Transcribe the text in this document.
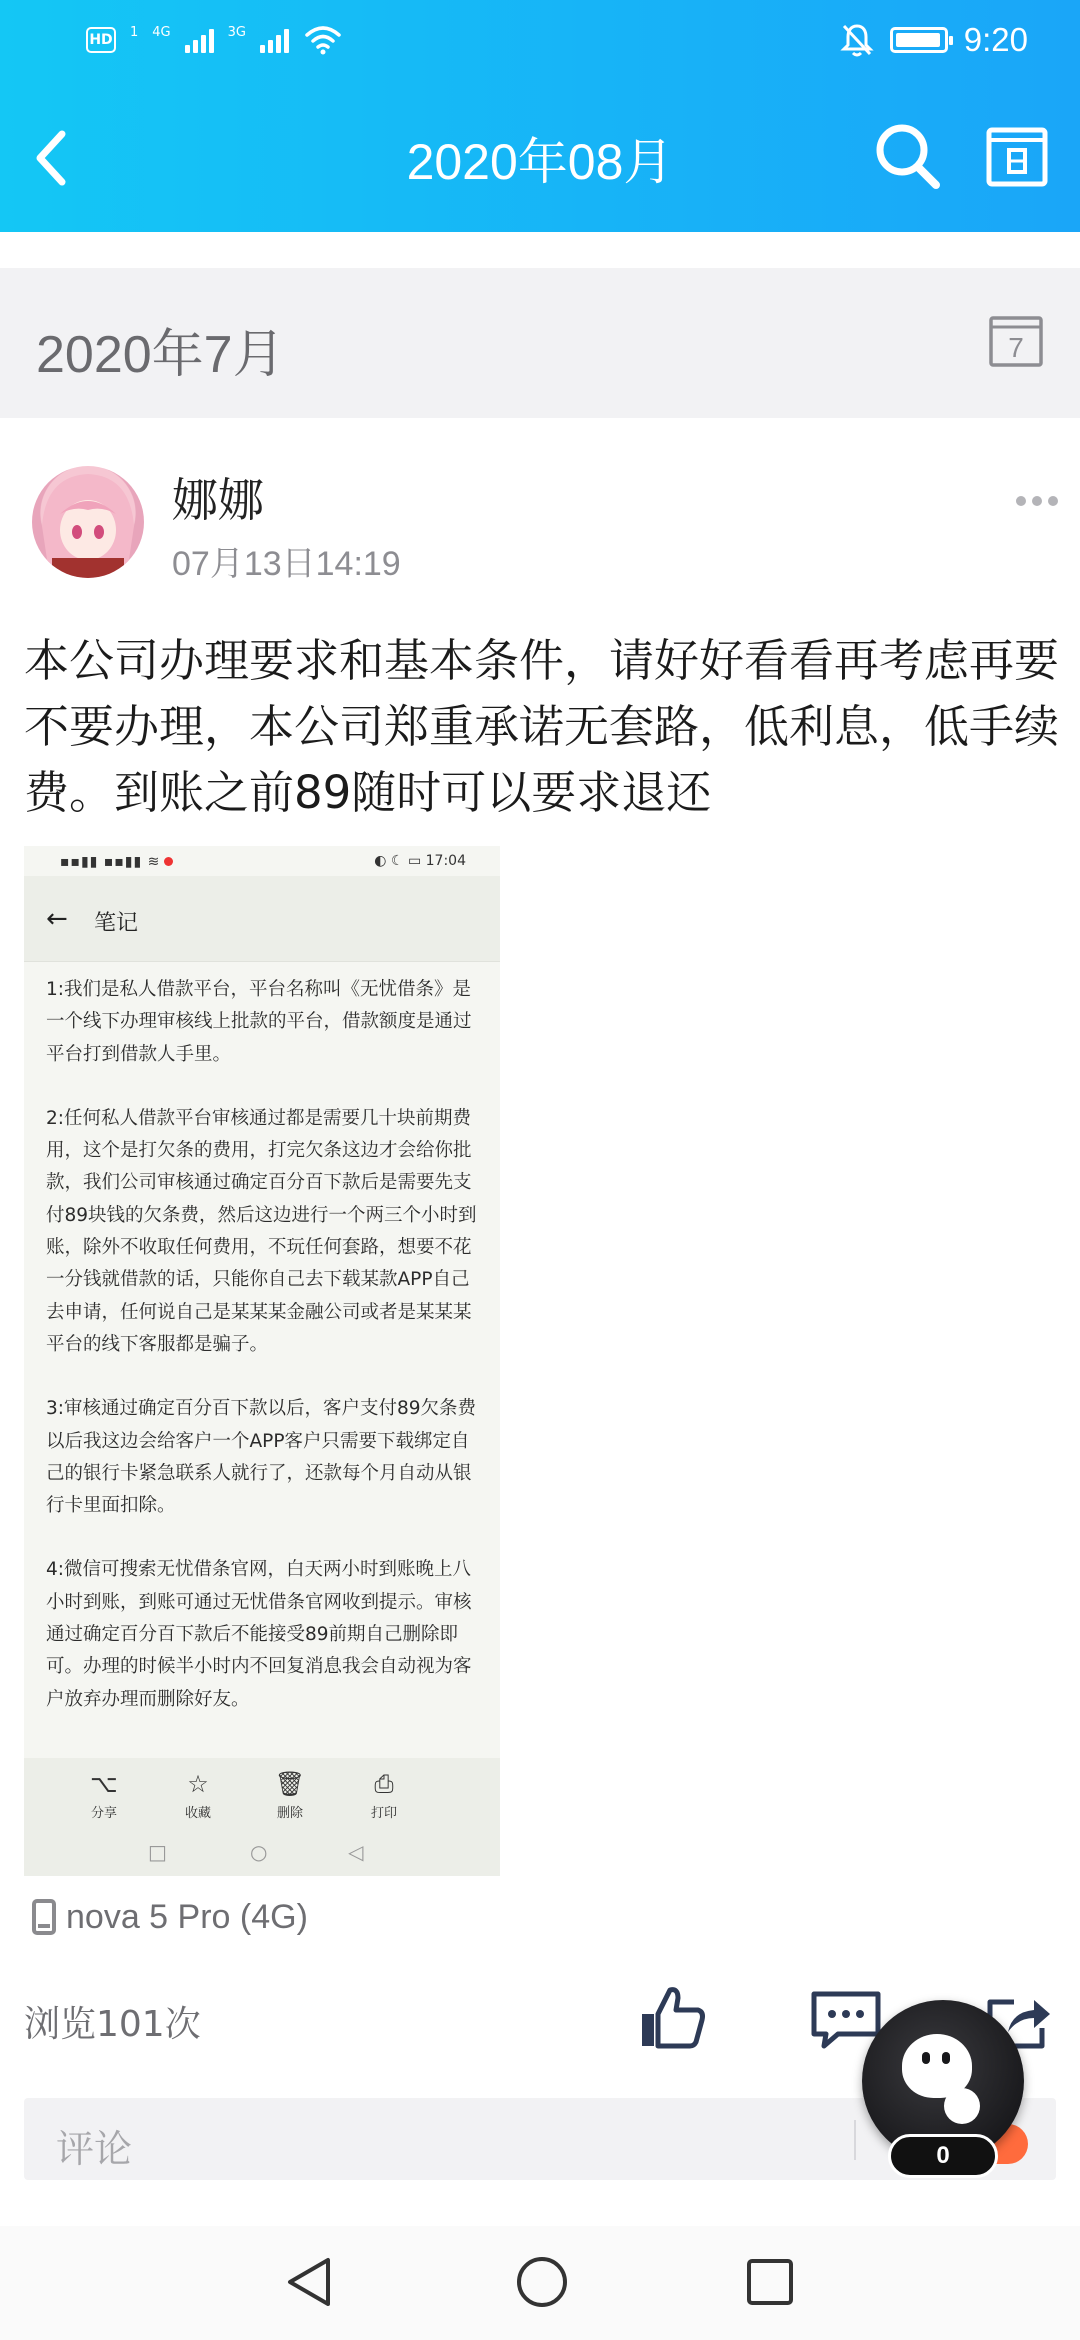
HD 1 4G	3G	9:20
2020年08月
2020年7月	7
娜娜
07月13日14:19
本公司办理要求和基本条件，请好好看看再考虑再要不要办理，本公司郑重承诺无套路，低利息，低手续费。到账之前89随时可以要求退还
▪▪▮▮ ▪▪▮▮ ≋	◐ ☾ ▭ 17:04
← 笔记

1:我们是私人借款平台，平台名称叫《无忧借条》是一个线下办理审核线上批款的平台，借款额度是通过平台打到借款人手里。

2:任何私人借款平台审核通过都是需要几十块前期费用，这个是打欠条的费用，打完欠条这边才会给你批款，我们公司审核通过确定百分百下款后是需要先支付89块钱的欠条费，然后这边进行一个两三个小时到账，除外不收取任何费用，不玩任何套路，想要不花一分钱就借款的话，只能你自己去下载某款APP自己去申请，任何说自己是某某某金融公司或者是某某某平台的线下客服都是骗子。

3:审核通过确定百分百下款以后，客户支付89欠条费以后我这边会给客户一个APP客户只需要下载绑定自己的银行卡紧急联系人就行了，还款每个月自动从银行卡里面扣除。

4:微信可搜索无忧借条官网，白天两小时到账晚上八小时到账，到账可通过无忧借条官网收到提示。审核通过确定百分百下款后不能接受89前期自己删除即可。办理的时候半小时内不回复消息我会自动视为客户放弃办理而删除好友。

⌥
分享
☆
收藏
🗑
删除
⎙
打印
□	○	◁
nova 5 Pro (4G)
浏览101次
评论	0
